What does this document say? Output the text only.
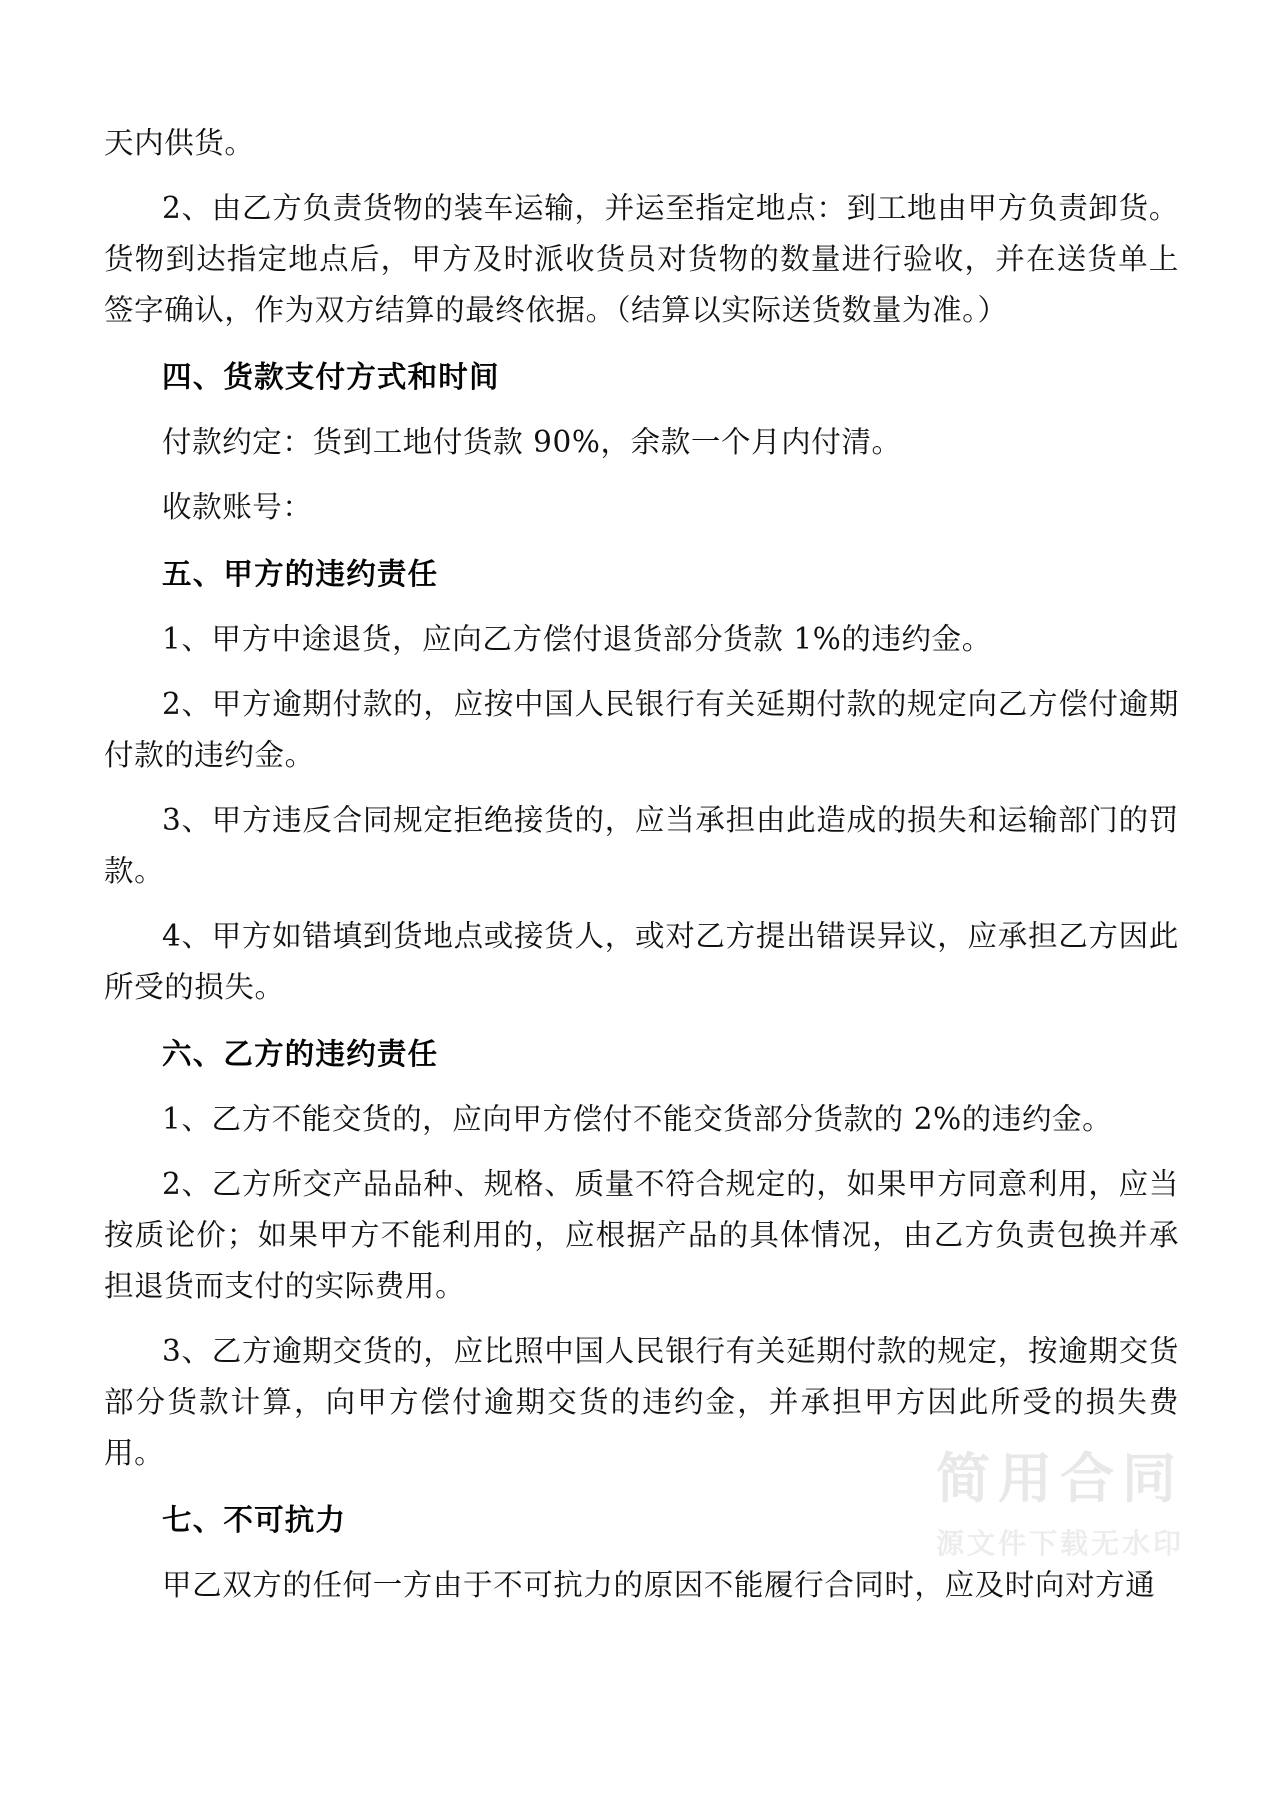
天内供货。

2、由乙方负责货物的装车运输，并运至指定地点：到工地由甲方负责卸货。货物到达指定地点后，甲方及时派收货员对货物的数量进行验收，并在送货单上签字确认，作为双方结算的最终依据。（结算以实际送货数量为准。）

四、货款支付方式和时间

付款约定：货到工地付货款 90%，余款一个月内付清。

收款账号：

五、甲方的违约责任

1、甲方中途退货，应向乙方偿付退货部分货款 1%的违约金。

2、甲方逾期付款的，应按中国人民银行有关延期付款的规定向乙方偿付逾期付款的违约金。

3、甲方违反合同规定拒绝接货的，应当承担由此造成的损失和运输部门的罚款。

4、甲方如错填到货地点或接货人，或对乙方提出错误异议，应承担乙方因此所受的损失。

六、乙方的违约责任

1、乙方不能交货的，应向甲方偿付不能交货部分货款的 2%的违约金。

2、乙方所交产品品种、规格、质量不符合规定的，如果甲方同意利用，应当按质论价；如果甲方不能利用的，应根据产品的具体情况，由乙方负责包换并承担退货而支付的实际费用。

3、乙方逾期交货的，应比照中国人民银行有关延期付款的规定，按逾期交货部分货款计算，向甲方偿付逾期交货的违约金，并承担甲方因此所受的损失费用。

七、不可抗力

甲乙双方的任何一方由于不可抗力的原因不能履行合同时，应及时向对方通

简用合同
源文件下载无水印
